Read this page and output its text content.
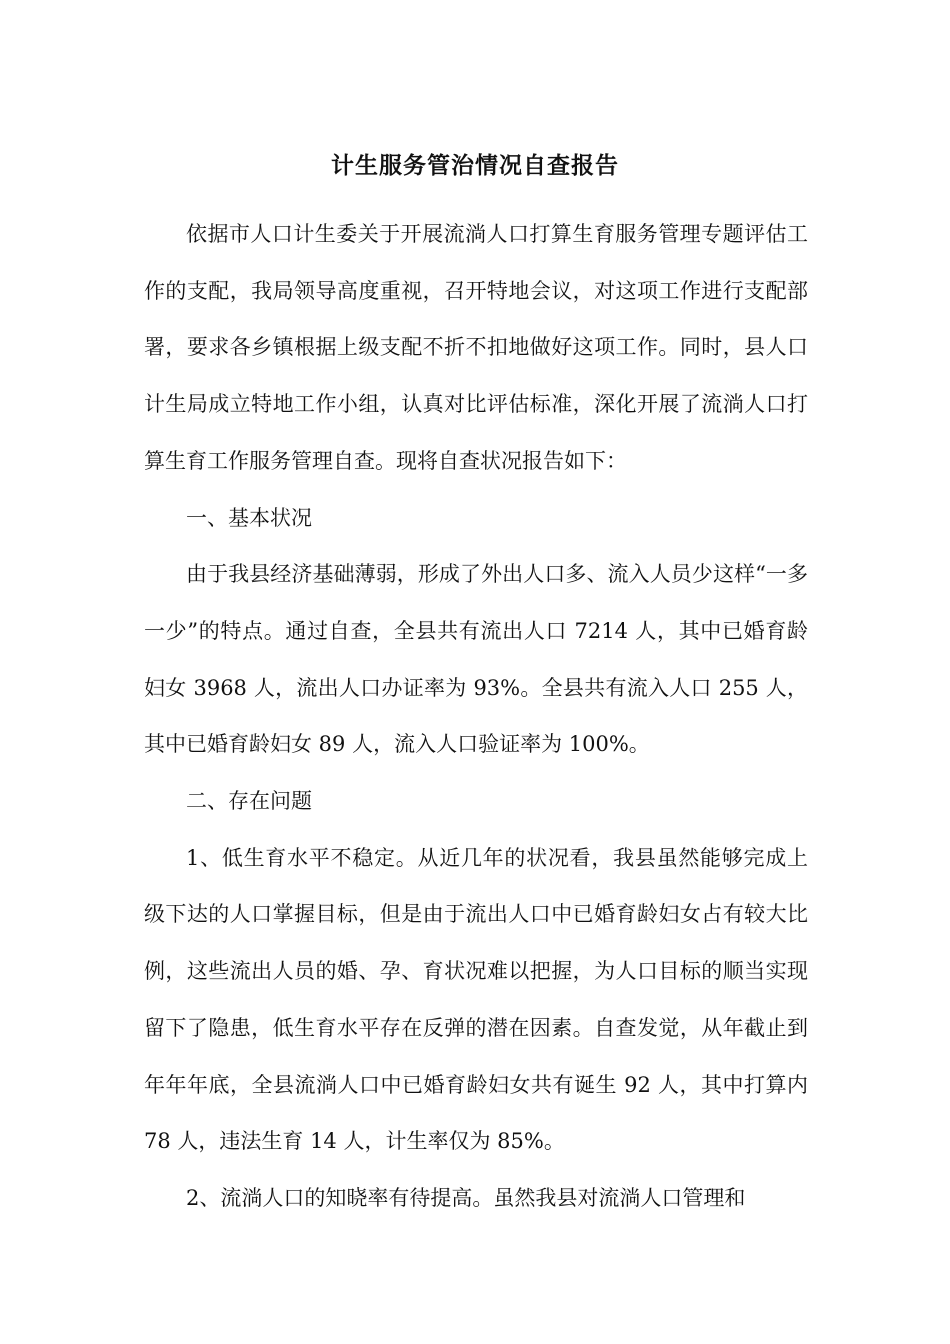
计生服务管治情况自查报告

依据市人口计生委关于开展流淌人口打算生育服务管理专题评估工作的支配，我局领导高度重视，召开特地会议，对这项工作进行支配部署，要求各乡镇根据上级支配不折不扣地做好这项工作。同时，县人口计生局成立特地工作小组，认真对比评估标准，深化开展了流淌人口打算生育工作服务管理自查。现将自查状况报告如下：

一、基本状况

由于我县经济基础薄弱，形成了外出人口多、流入人员少这样“一多一少”的特点。通过自查，全县共有流出人口 7214 人，其中已婚育龄妇女 3968 人，流出人口办证率为 93%。全县共有流入人口 255 人，其中已婚育龄妇女 89 人，流入人口验证率为 100%。

二、存在问题

1、低生育水平不稳定。从近几年的状况看，我县虽然能够完成上级下达的人口掌握目标，但是由于流出人口中已婚育龄妇女占有较大比例，这些流出人员的婚、孕、育状况难以把握，为人口目标的顺当实现留下了隐患，低生育水平存在反弹的潜在因素。自查发觉，从年截止到年年年底，全县流淌人口中已婚育龄妇女共有诞生 92 人，其中打算内 78 人，违法生育 14 人，计生率仅为 85%。

2、流淌人口的知晓率有待提高。虽然我县对流淌人口管理和
